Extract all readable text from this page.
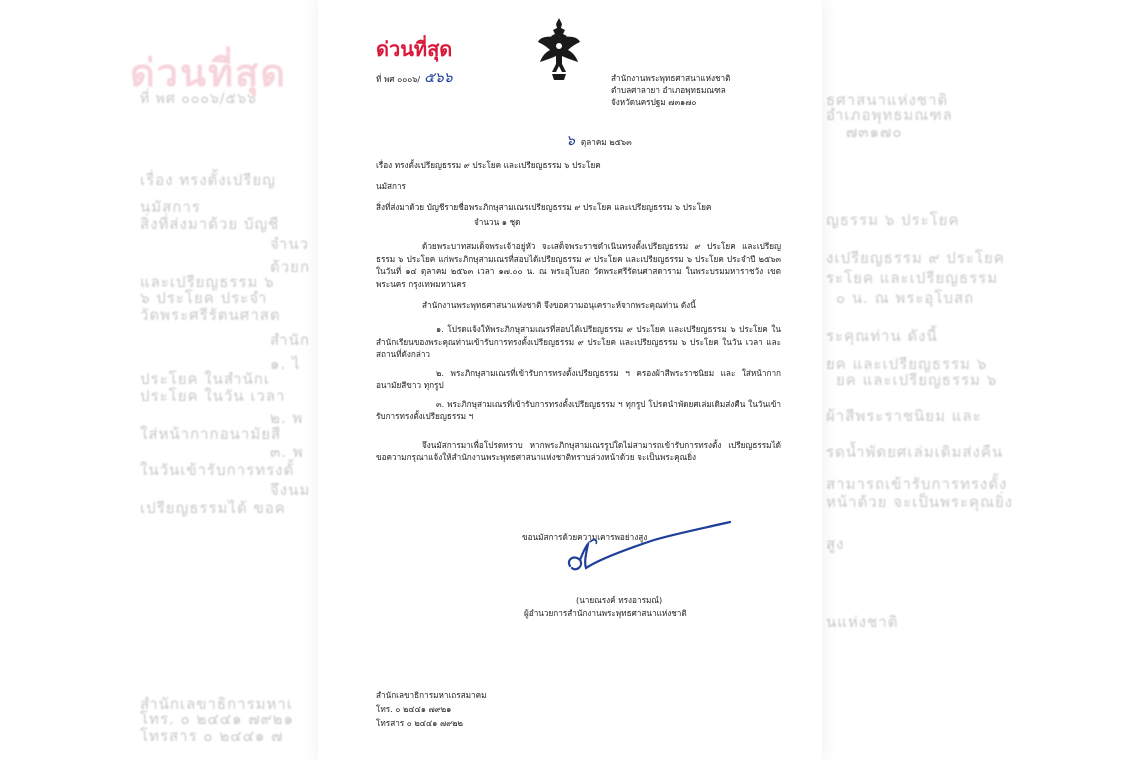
ด่วนที่สุด
ที่ พศ ๐๐๐๖/๕๖๖
เรื่อง ทรงตั้งเปรียญ
นมัสการ
สิ่งที่ส่งมาด้วย บัญชี
จำนว
ด้วยก
และเปรียญธรรม ๖
๖ ประโยค ประจำ
วัดพระศรีรัตนศาสต
สำนัก
๑. ไ
ประโยค ในสำนักเ
ประโยค ในวัน เวลา
๒. พ
ใส่หน้ากากอนามัยสี
๓. พ
ในวันเข้ารับการทรงตั้
จึงนม
เปรียญธรรมได้ ขอค
สำนักเลขาธิการมหาเ
โทร. ๐ ๒๔๔๑ ๗๙๒๑
โทรสาร ๐ ๒๔๔๑ ๗
ธศาสนาแห่งชาติ
อำเภอพุทธมณฑล
๗๓๑๗๐
ญธรรม ๖ ประโยค
งเปรียญธรรม ๙ ประโยค
ระโยค และเปรียญธรรม
๐ น. ณ พระอุโบสถ
ระคุณท่าน ดังนี้
ยค และเปรียญธรรม ๖
ยค และเปรียญธรรม ๖
ผ้าสีพระราชนิยม และ
รดน้ำพัดยศเล่มเดิมส่งคืน
สามารถเข้ารับการทรงตั้ง
หน้าด้วย จะเป็นพระคุณยิ่ง
สูง
นแห่งชาติ
ด่วนที่สุด
ที่ พศ ๐๐๐๖/ ๕๖๖	สำนักงานพระพุทธศาสนาแห่งชาติ
ตำบลศาลายา อำเภอพุทธมณฑล
จังหวัดนครปฐม ๗๓๑๗๐
๖ ตุลาคม ๒๕๖๓
เรื่อง ทรงตั้งเปรียญธรรม ๙ ประโยค และเปรียญธรรม ๖ ประโยค
นมัสการ
สิ่งที่ส่งมาด้วย บัญชีรายชื่อพระภิกษุสามเณรเปรียญธรรม ๙ ประโยค และเปรียญธรรม ๖ ประโยค
จำนวน ๑ ชุด

ด้วยพระบาทสมเด็จพระเจ้าอยู่หัว จะเสด็จพระราชดำเนินทรงตั้งเปรียญธรรม ๙ ประโยค และเปรียญธรรม ๖ ประโยค แก่พระภิกษุสามเณรที่สอบได้เปรียญธรรม ๙ ประโยค และเปรียญธรรม ๖ ประโยค ประจำปี ๒๕๖๓ ในวันที่ ๑๔ ตุลาคม ๒๕๖๓ เวลา ๑๗.๐๐ น. ณ พระอุโบสถ วัดพระศรีรัตนศาสดาราม ในพระบรมมหาราชวัง เขตพระนคร กรุงเทพมหานคร

สำนักงานพระพุทธศาสนาแห่งชาติ จึงขอความอนุเคราะห์จากพระคุณท่าน ดังนี้

๑. โปรดแจ้งให้พระภิกษุสามเณรที่สอบได้เปรียญธรรม ๙ ประโยค และเปรียญธรรม ๖ ประโยค ในสำนักเรียนของพระคุณท่านเข้ารับการทรงตั้งเปรียญธรรม ๙ ประโยค และเปรียญธรรม ๖ ประโยค ในวัน เวลา และสถานที่ดังกล่าว

๒. พระภิกษุสามเณรที่เข้ารับการทรงตั้งเปรียญธรรม ฯ ครองผ้าสีพระราชนิยม และ ใส่หน้ากากอนามัยสีขาว ทุกรูป

๓. พระภิกษุสามเณรที่เข้ารับการทรงตั้งเปรียญธรรม ฯ ทุกรูป โปรดนำพัดยศเล่มเดิมส่งคืน ในวันเข้ารับการทรงตั้งเปรียญธรรม ฯ

จึงนมัสการมาเพื่อโปรดทราบ หากพระภิกษุสามเณรรูปใดไม่สามารถเข้ารับการทรงตั้ง เปรียญธรรมได้ ขอความกรุณาแจ้งให้สำนักงานพระพุทธศาสนาแห่งชาติทราบล่วงหน้าด้วย จะเป็นพระคุณยิ่ง

ขอนมัสการด้วยความเคารพอย่างสูง
(นายณรงค์ ทรงอารมณ์)
ผู้อำนวยการสำนักงานพระพุทธศาสนาแห่งชาติ
สำนักเลขาธิการมหาเถรสมาคม
โทร. ๐ ๒๔๔๑ ๗๙๒๑
โทรสาร ๐ ๒๔๔๑ ๗๙๒๒
